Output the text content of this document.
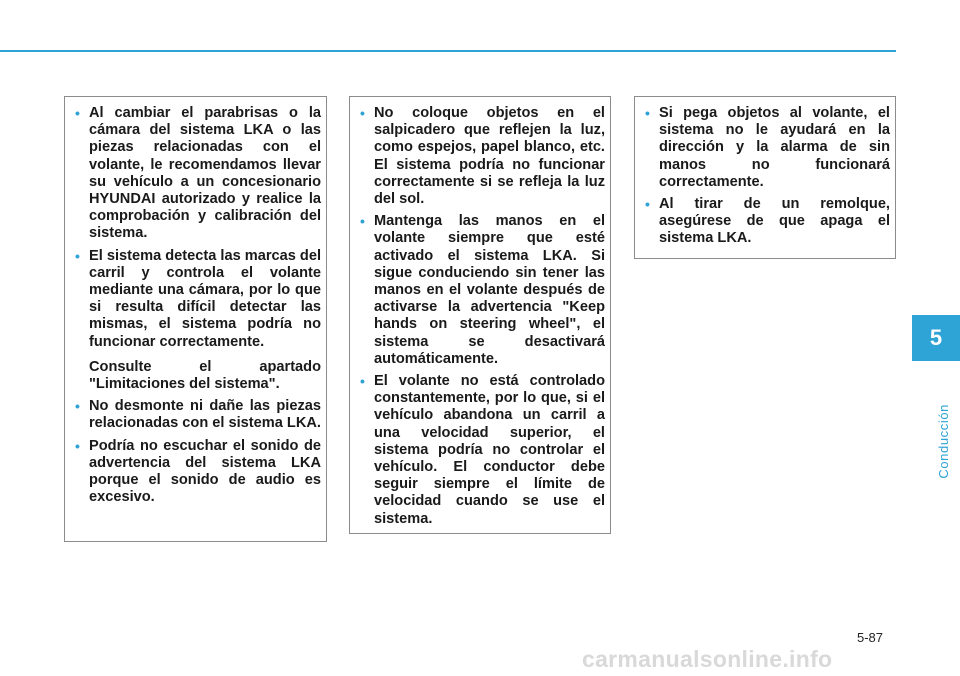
• Al cambiar el parabrisas o la cámara del sistema LKA o las piezas relacionadas con el volante, le recomendamos llevar su vehículo a un concesionario HYUNDAI autorizado y realice la comprobación y calibración del sistema.

• El sistema detecta las marcas del carril y controla el volante mediante una cámara, por lo que si resulta difícil detectar las mismas, el sistema podría no funcionar correctamente.

Consulte el apartado "Limitaciones del sistema".

• No desmonte ni dañe las piezas relacionadas con el sistema LKA.

• Podría no escuchar el sonido de advertencia del sistema LKA porque el sonido de audio es excesivo.

• No coloque objetos en el salpicadero que reflejen la luz, como espejos, papel blanco, etc. El sistema podría no funcionar correctamente si se refleja la luz del sol.

• Mantenga las manos en el volante siempre que esté activado el sistema LKA. Si sigue conduciendo sin tener las manos en el volante después de activarse la advertencia "Keep hands on steering wheel", el sistema se desactivará automáticamente.

• El volante no está controlado constantemente, por lo que, si el vehículo abandona un carril a una velocidad superior, el sistema podría no controlar el vehículo. El conductor debe seguir siempre el límite de velocidad cuando se use el sistema.

• Si pega objetos al volante, el sistema no le ayudará en la dirección y la alarma de sin manos no funcionará correctamente.

• Al tirar de un remolque, asegúrese de que apaga el sistema LKA.

5
Conducción
5-87
carmanualsonline.info
